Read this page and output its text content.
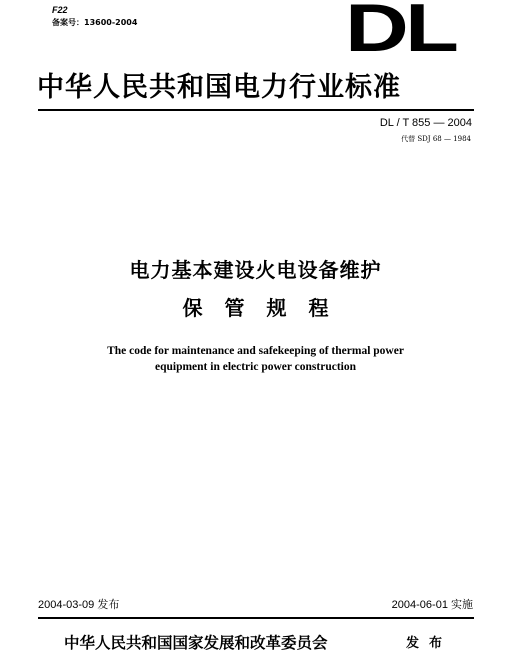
F22
备案号：13600-2004	DL
中华人民共和国电力行业标准
DL / T 855 — 2004
代替 SDJ 68 — 1984
电力基本建设火电设备维护
保管规程
The code for maintenance and safekeeping of thermal power
equipment in electric power construction
2004-03-09 发布	2004-06-01 实施
中华人民共和国国家发展和改革委员会	发布
